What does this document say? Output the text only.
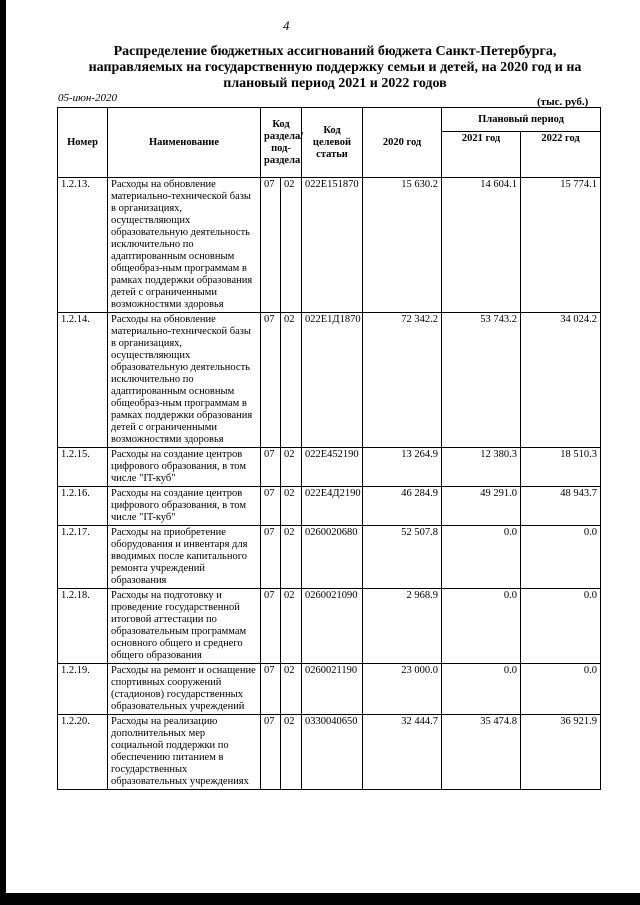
4
Распределение бюджетных ассигнований бюджета Санкт-Петербурга, направляемых на государственную поддержку семьи и детей, на 2020 год и на плановый период 2021 и 2022 годов
05-июн-2020	(тыс. руб.)
Номер	Наименование	Код раздела/ под-раздела		Код целевой статьи	2020 год	Плановый период	
						2021 год	2022 год
1.2.13.	Расходы на обновление материально-технической базы в организациях, осуществляющих образовательную деятельность исключительно по адаптированным основным общеобраз-ным программам в рамках поддержки образования детей с ограниченными возможностями здоровья	07	02	022E151870	15 630.2	14 604.1	15 774.1
1.2.14.	Расходы на обновление материально-технической базы в организациях, осуществляющих образовательную деятельность исключительно по адаптированным основным общеобраз-ным программам в рамках поддержки образования детей с ограниченными возможностями здоровья	07	02	022E1Д1870	72 342.2	53 743.2	34 024.2
1.2.15.	Расходы на создание центров цифрового образования, в том числе "IT-куб"	07	02	022E452190	13 264.9	12 380.3	18 510.3
1.2.16.	Расходы на создание центров цифрового образования, в том числе "IT-куб"	07	02	022E4Д2190	46 284.9	49 291.0	48 943.7
1.2.17.	Расходы на приобретение оборудования и инвентаря для вводимых после капитального ремонта учреждений образования	07	02	0260020680	52 507.8	0.0	0.0
1.2.18.	Расходы на подготовку и проведение государственной итоговой аттестации по образовательным программам основного общего и среднего общего образования	07	02	0260021090	2 968.9	0.0	0.0
1.2.19.	Расходы на ремонт и оснащение спортивных сооружений (стадионов) государственных образовательных учреждений	07	02	0260021190	23 000.0	0.0	0.0
1.2.20.	Расходы на реализацию дополнительных мер социальной поддержки по обеспечению питанием в государственных образовательных учреждениях	07	02	0330040650	32 444.7	35 474.8	36 921.9
